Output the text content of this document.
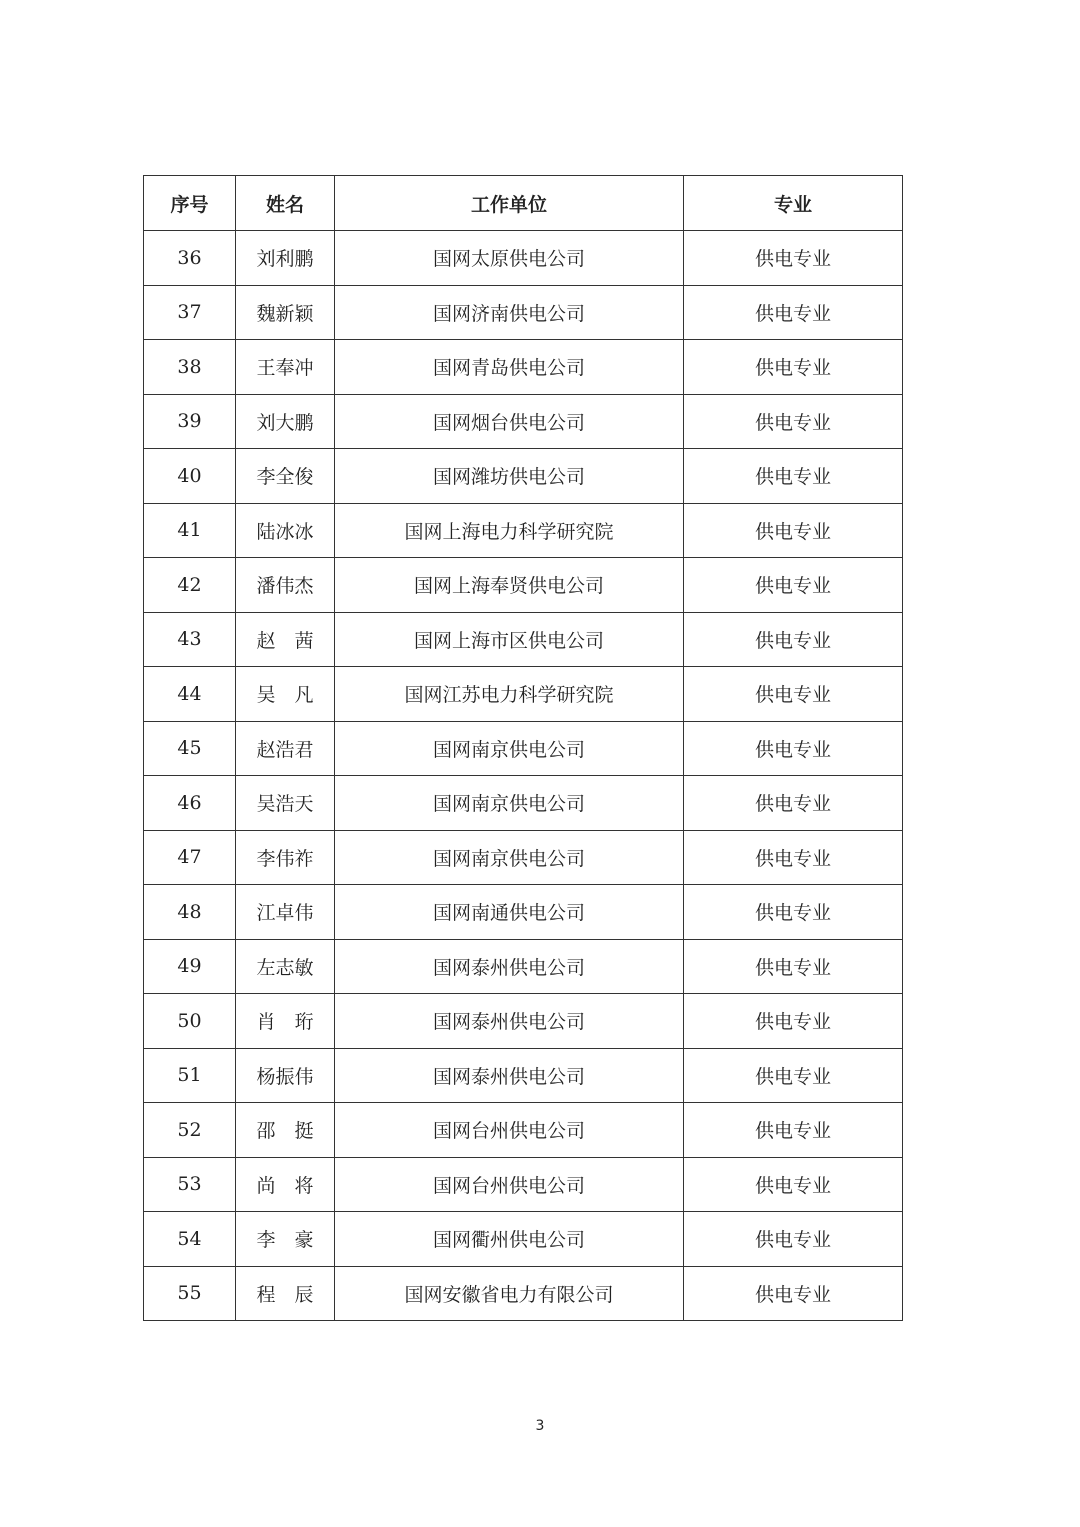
序号	姓名	工作单位	专业
36	刘利鹏	国网太原供电公司	供电专业
37	魏新颖	国网济南供电公司	供电专业
38	王奉冲	国网青岛供电公司	供电专业
39	刘大鹏	国网烟台供电公司	供电专业
40	李全俊	国网潍坊供电公司	供电专业
41	陆冰冰	国网上海电力科学研究院	供电专业
42	潘伟杰	国网上海奉贤供电公司	供电专业
43	赵　茜	国网上海市区供电公司	供电专业
44	吴　凡	国网江苏电力科学研究院	供电专业
45	赵浩君	国网南京供电公司	供电专业
46	吴浩天	国网南京供电公司	供电专业
47	李伟祚	国网南京供电公司	供电专业
48	江卓伟	国网南通供电公司	供电专业
49	左志敏	国网泰州供电公司	供电专业
50	肖　珩	国网泰州供电公司	供电专业
51	杨振伟	国网泰州供电公司	供电专业
52	邵　挺	国网台州供电公司	供电专业
53	尚　将	国网台州供电公司	供电专业
54	李　豪	国网衢州供电公司	供电专业
55	程　辰	国网安徽省电力有限公司	供电专业
3
